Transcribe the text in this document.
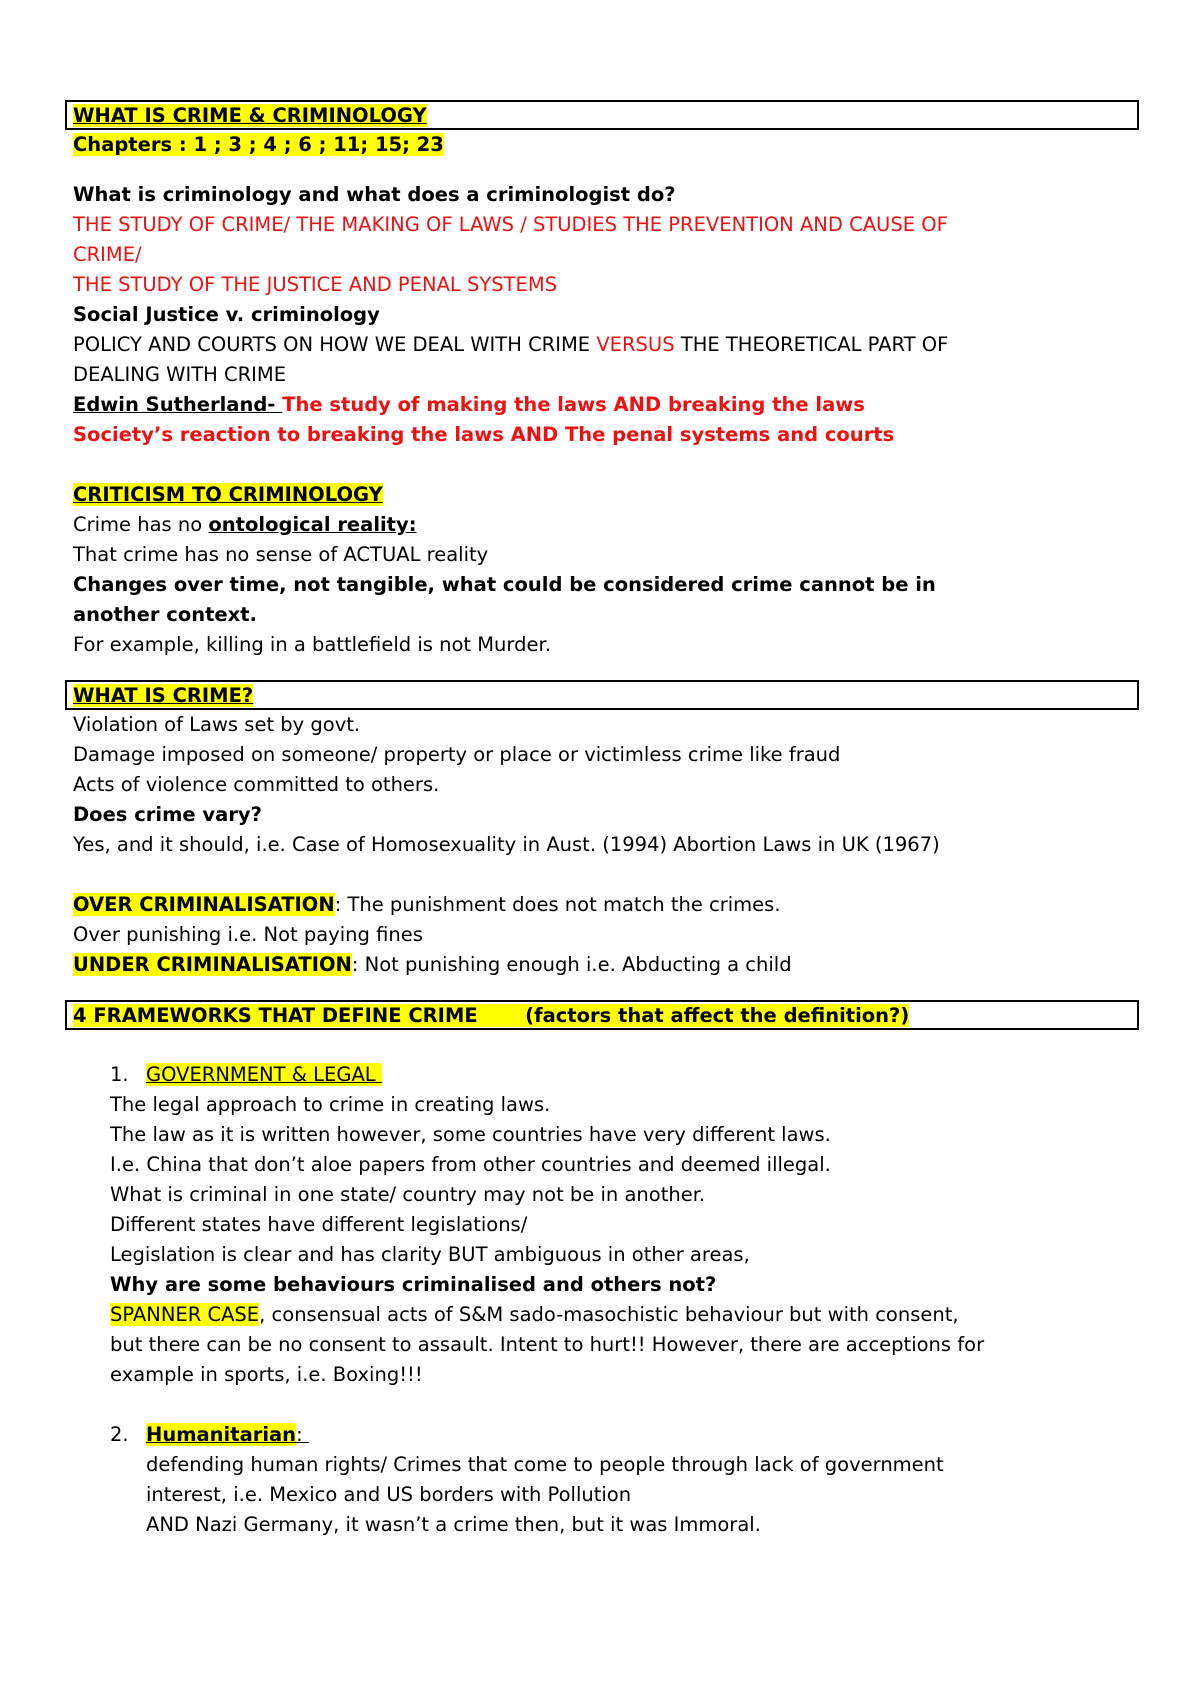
WHAT IS CRIME & CRIMINOLOGY
Chapters : 1 ; 3 ; 4 ; 6 ; 11; 15; 23
What is criminology and what does a criminologist do?
THE STUDY OF CRIME/ THE MAKING OF LAWS / STUDIES THE PREVENTION AND CAUSE OF
CRIME/
THE STUDY OF THE JUSTICE AND PENAL SYSTEMS
Social Justice v. criminology
POLICY AND COURTS ON HOW WE DEAL WITH CRIME VERSUS THE THEORETICAL PART OF
DEALING WITH CRIME
Edwin Sutherland- The study of making the laws AND breaking the laws
Society’s reaction to breaking the laws AND The penal systems and courts
CRITICISM TO CRIMINOLOGY
Crime has no ontological reality:
That crime has no sense of ACTUAL reality
Changes over time, not tangible, what could be considered crime cannot be in
another context.
For example, killing in a battlefield is not Murder.
WHAT IS CRIME?
Violation of Laws set by govt.
Damage imposed on someone/ property or place or victimless crime like fraud
Acts of violence committed to others.
Does crime vary?
Yes, and it should, i.e. Case of Homosexuality in Aust. (1994) Abortion Laws in UK (1967)
OVER CRIMINALISATION: The punishment does not match the crimes.
Over punishing i.e. Not paying fines
UNDER CRIMINALISATION: Not punishing enough i.e. Abducting a child
4 FRAMEWORKS THAT DEFINE CRIME       (factors that affect the definition?)
1. GOVERNMENT & LEGAL
The legal approach to crime in creating laws.
The law as it is written however, some countries have very different laws.
I.e. China that don’t aloe papers from other countries and deemed illegal.
What is criminal in one state/ country may not be in another.
Different states have different legislations/
Legislation is clear and has clarity BUT ambiguous in other areas,
Why are some behaviours criminalised and others not?
SPANNER CASE, consensual acts of S&M sado-masochistic behaviour but with consent,
but there can be no consent to assault. Intent to hurt!! However, there are acceptions for
example in sports, i.e. Boxing!!!
2. Humanitarian:
defending human rights/ Crimes that come to people through lack of government
interest, i.e. Mexico and US borders with Pollution
AND Nazi Germany, it wasn’t a crime then, but it was Immoral.
